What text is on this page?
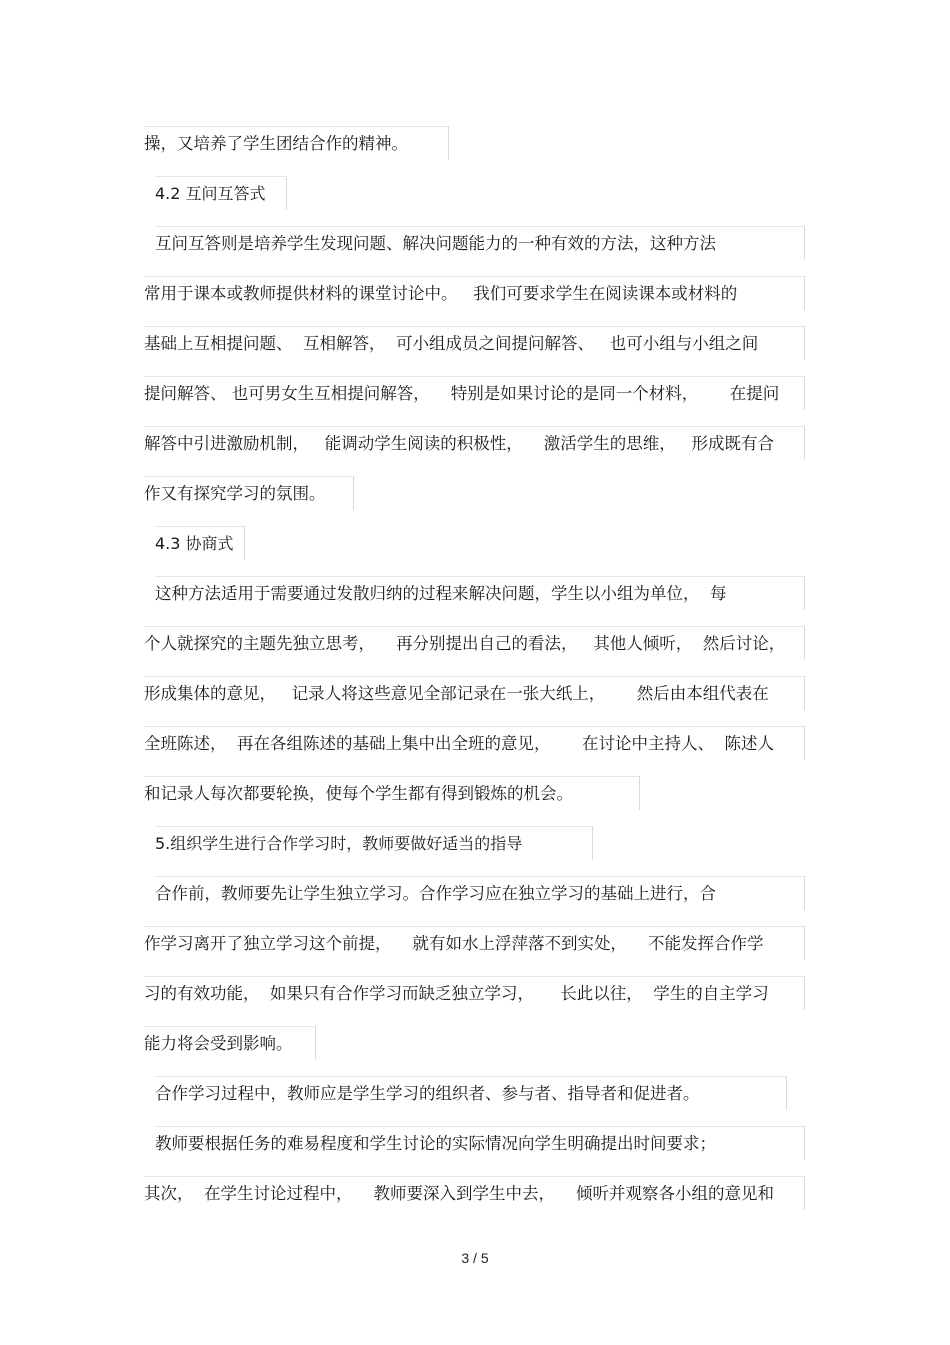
操，又培养了学生团结合作的精神。
4.2 互问互答式
互问互答则是培养学生发现问题、解决问题能力的一种有效的方法，这种方法
常用于课本或教师提供材料的课堂讨论中。   我们可要求学生在阅读课本或材料的
基础上互相提问题、  互相解答，  可小组成员之间提问解答、   也可小组与小组之间
提问解答、 也可男女生互相提问解答，    特别是如果讨论的是同一个材料，      在提问
解答中引进激励机制，   能调动学生阅读的积极性，    激活学生的思维，   形成既有合
作又有探究学习的氛围。
4.3 协商式
这种方法适用于需要通过发散归纳的过程来解决问题，学生以小组为单位，  每
个人就探究的主题先独立思考，    再分别提出自己的看法，   其他人倾听，  然后讨论，
形成集体的意见，   记录人将这些意见全部记录在一张大纸上，      然后由本组代表在
全班陈述，  再在各组陈述的基础上集中出全班的意见，      在讨论中主持人、  陈述人
和记录人每次都要轮换，使每个学生都有得到锻炼的机会。
5.组织学生进行合作学习时，教师要做好适当的指导
合作前，教师要先让学生独立学习。合作学习应在独立学习的基础上进行，合
作学习离开了独立学习这个前提，    就有如水上浮萍落不到实处，    不能发挥合作学
习的有效功能，  如果只有合作学习而缺乏独立学习，     长此以往，  学生的自主学习
能力将会受到影响。
合作学习过程中，教师应是学生学习的组织者、参与者、指导者和促进者。
教师要根据任务的难易程度和学生讨论的实际情况向学生明确提出时间要求；
其次，  在学生讨论过程中，    教师要深入到学生中去，    倾听并观察各小组的意见和
3 / 5
